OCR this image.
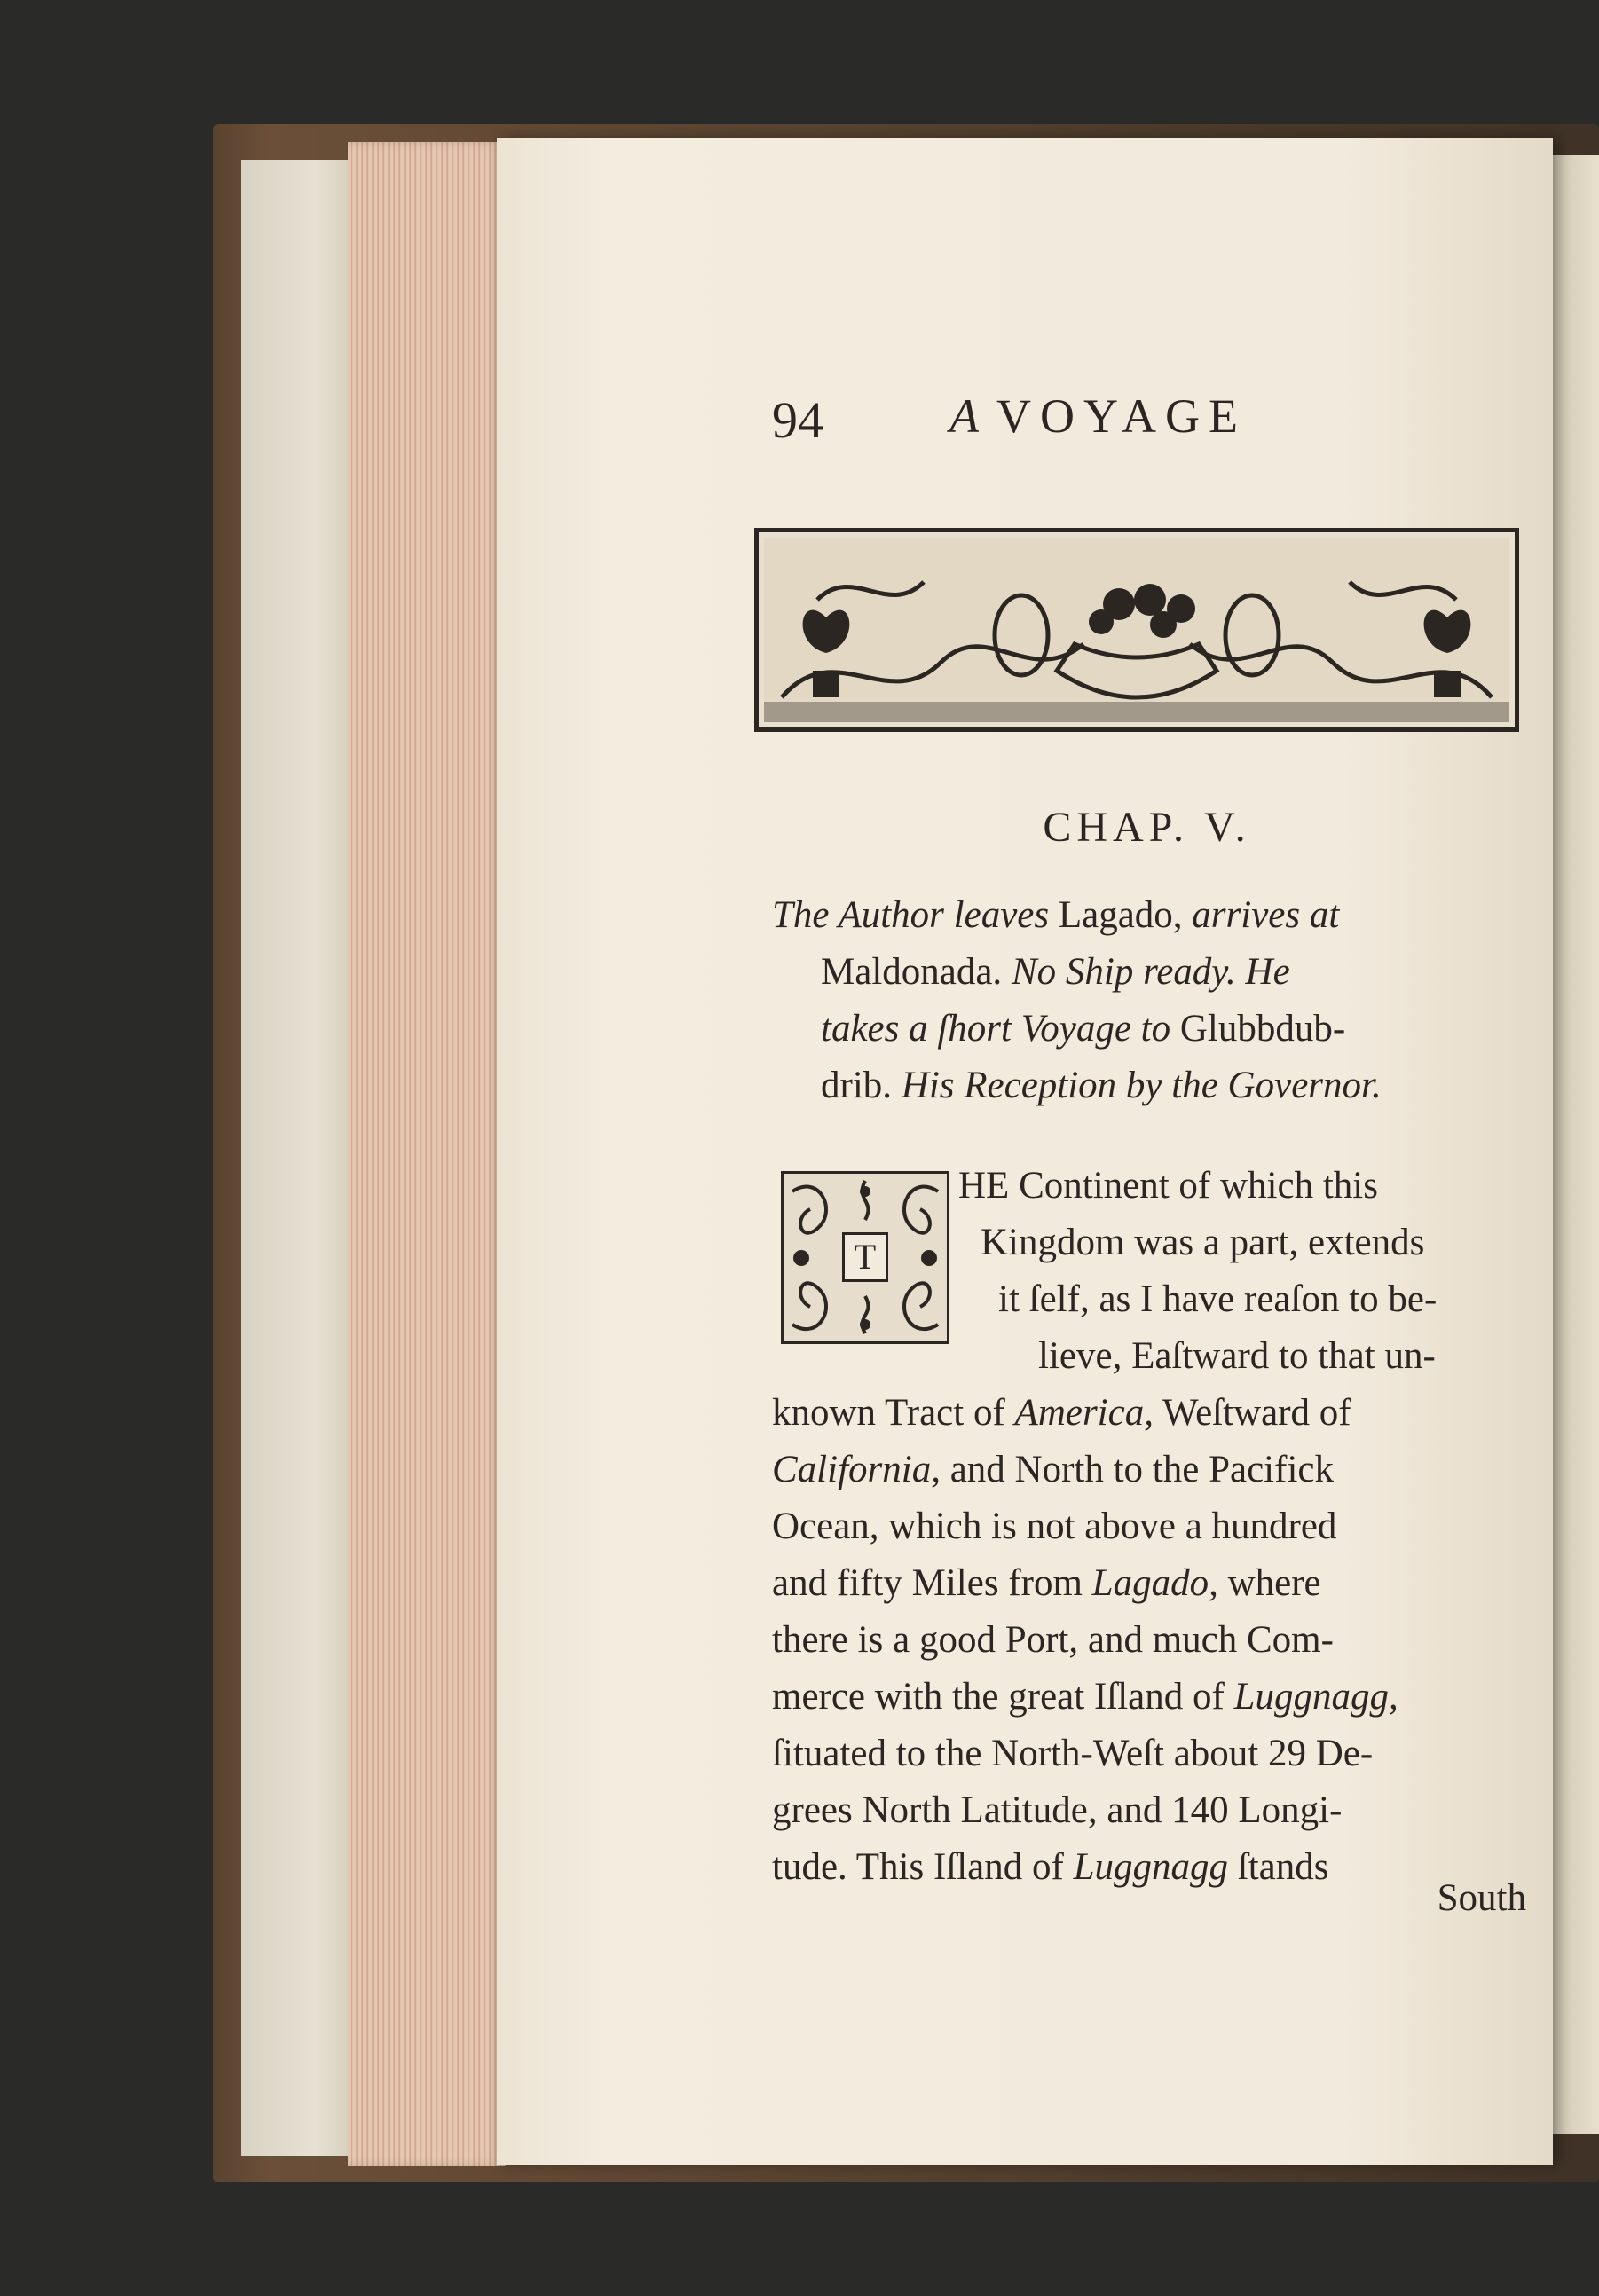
94	A VOYAGE
CHAP. V.
The Author leaves Lagado, arrives at
Maldonada. No Ship ready. He
takes a ſhort Voyage to Glubbdub-
drib. His Reception by the Governor.
T
HE Continent of which this
Kingdom was a part, extends
it ſelf, as I have reaſon to be-
lieve, Eaſtward to that un-
known Tract of America, Weſtward of
California, and North to the Pacifick
Ocean, which is not above a hundred
and fifty Miles from Lagado, where
there is a good Port, and much Com-
merce with the great Iſland of Luggnagg,
ſituated to the North-Weſt about 29 De-
grees North Latitude, and 140 Longi-
tude. This Iſland of Luggnagg ſtands
South
